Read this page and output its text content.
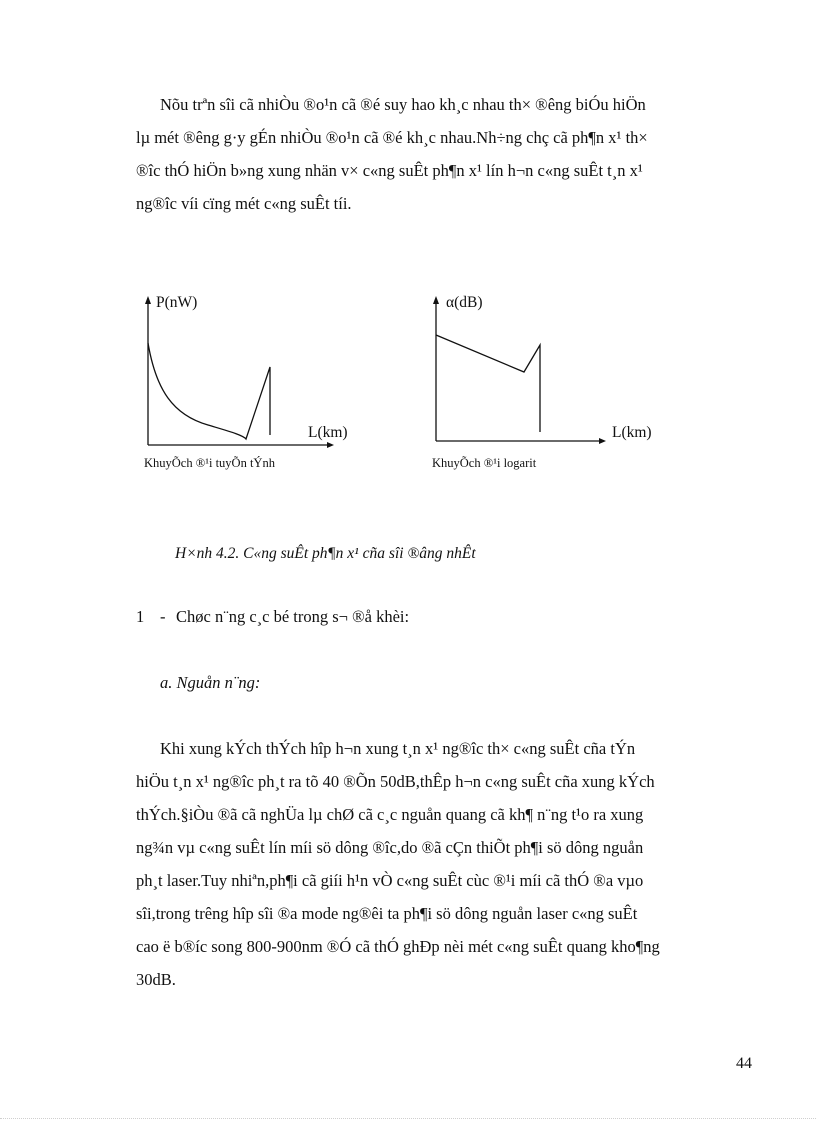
Nõu trªn sîi cã nhiÒu ®o¹n cã ®é suy hao kh¸c nhau th× ®êng biÓu hiÖn
lµ mét ®êng g·y gÉn nhiÒu ®o¹n cã ®é kh¸c nhau.Nh÷ng chç cã ph¶n x¹ th×
®îc thÓ hiÖn b»ng xung nhän v× c«ng suÊt ph¶n x¹ lín h¬n c«ng suÊt t¸n x¹
ng®îc víi cïng mét c«ng suÊt tíi.
P(nW)
L(km)
KhuyÕch ®¹i tuyÕn tÝnh
α(dB)
L(km)
KhuyÕch ®¹i logarit
H×nh 4.2. C«ng suÊt ph¶n x¹ cña sîi ®âng nhÊt
1 - Chøc n¨ng c¸c bé trong s¬ ®å khèi:
a. Nguån n¨ng:
Khi xung kÝch thÝch hîp h¬n xung t¸n x¹ ng®îc th× c«ng suÊt cña tÝn
hiÖu t¸n x¹ ng®îc ph¸t ra tõ 40 ®Õn 50dB,thÊp h¬n c«ng suÊt cña xung kÝch
thÝch.§iÒu ®ã cã nghÜa lµ chØ cã c¸c nguån quang cã kh¶ n¨ng t¹o ra xung
ng¾n vµ c«ng suÊt lín míi sö dông ®îc,do ®ã cÇn thiÕt ph¶i sö dông nguån
ph¸t laser.Tuy nhiªn,ph¶i cã giíi h¹n vÒ c«ng suÊt cùc ®¹i míi cã thÓ ®a vµo
sîi,trong trêng hîp sîi ®a mode ng®êi ta ph¶i sö dông nguån laser c«ng suÊt
cao ë b®íc song 800-900nm ®Ó cã thÓ ghÐp nèi mét c«ng suÊt quang kho¶ng
30dB.
44
